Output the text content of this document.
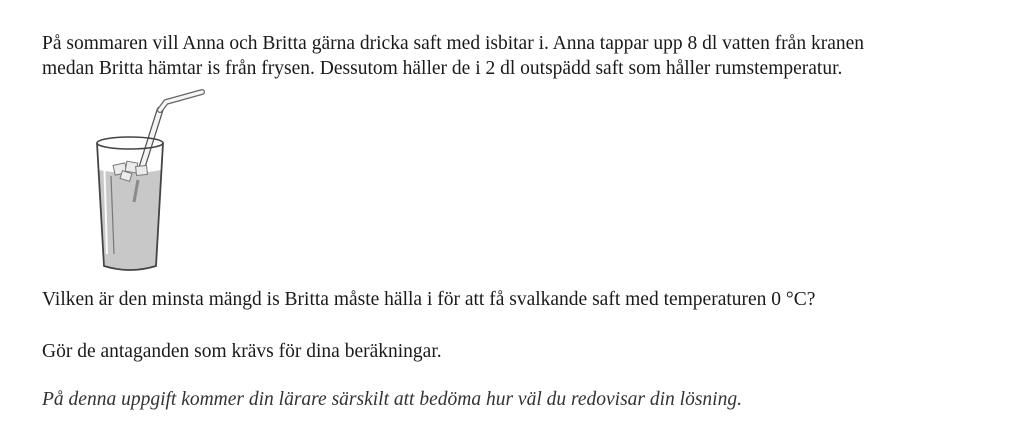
På sommaren vill Anna och Britta gärna dricka saft med isbitar i. Anna tappar upp 8 dl vatten från kranen
medan Britta hämtar is från frysen. Dessutom häller de i 2 dl outspädd saft som håller rumstemperatur.
Vilken är den minsta mängd is Britta måste hälla i för att få svalkande saft med temperaturen 0 °C?
Gör de antaganden som krävs för dina beräkningar.
På denna uppgift kommer din lärare särskilt att bedöma hur väl du redovisar din lösning.
